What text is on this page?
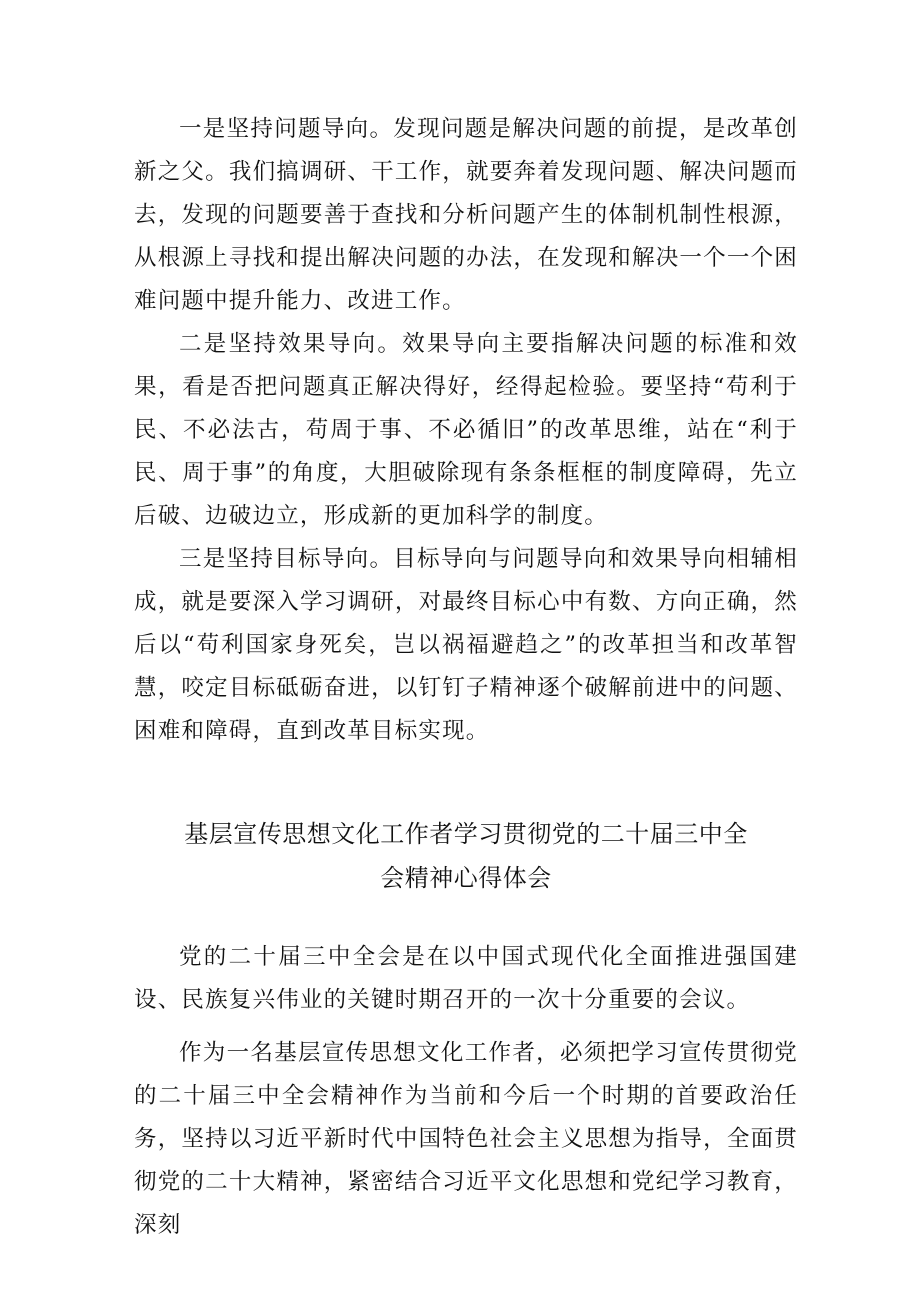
一是坚持问题导向。发现问题是解决问题的前提，是改革创新之父。我们搞调研、干工作，就要奔着发现问题、解决问题而去，发现的问题要善于查找和分析问题产生的体制机制性根源，从根源上寻找和提出解决问题的办法，在发现和解决一个一个困难问题中提升能力、改进工作。

二是坚持效果导向。效果导向主要指解决问题的标准和效果，看是否把问题真正解决得好，经得起检验。要坚持“苟利于民、不必法古，苟周于事、不必循旧”的改革思维，站在“利于民、周于事”的角度，大胆破除现有条条框框的制度障碍，先立后破、边破边立，形成新的更加科学的制度。

三是坚持目标导向。目标导向与问题导向和效果导向相辅相成，就是要深入学习调研，对最终目标心中有数、方向正确，然后以“苟利国家身死矣，岂以祸福避趋之”的改革担当和改革智慧，咬定目标砥砺奋进，以钉钉子精神逐个破解前进中的问题、困难和障碍，直到改革目标实现。

基层宣传思想文化工作者学习贯彻党的二十届三中全
会精神心得体会

党的二十届三中全会是在以中国式现代化全面推进强国建设、民族复兴伟业的关键时期召开的一次十分重要的会议。

作为一名基层宣传思想文化工作者，必须把学习宣传贯彻党的二十届三中全会精神作为当前和今后一个时期的首要政治任务，坚持以习近平新时代中国特色社会主义思想为指导，全面贯彻党的二十大精神，紧密结合习近平文化思想和党纪学习教育，深刻
